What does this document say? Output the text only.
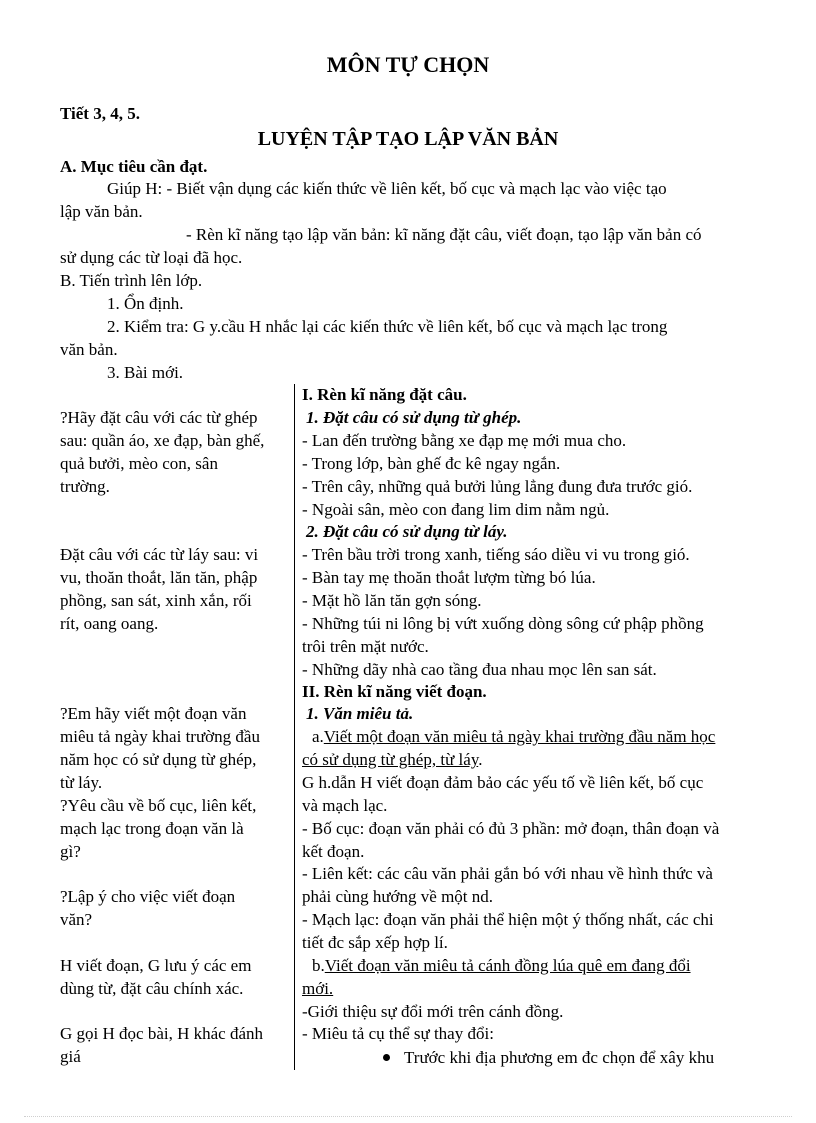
MÔN TỰ CHỌN
Tiết 3, 4, 5.
LUYỆN TẬP TẠO LẬP VĂN BẢN
A. Mục tiêu cần đạt.
Giúp H: - Biết vận dụng các kiến thức về liên kết, bố cục và mạch lạc vào việc tạo
lập văn bản.
- Rèn kĩ năng tạo lập văn bản: kĩ năng đặt câu, viết đoạn, tạo lập văn bản có
sử dụng các từ loại đã học.
B. Tiến trình lên lớp.
1. Ổn định.
2. Kiểm tra: G y.cầu H nhắc lại các kiến thức về liên kết, bố cục và mạch lạc trong
văn bản.
3. Bài mới.
?Hãy đặt câu với các từ ghép
sau: quần áo, xe đạp, bàn ghế,
quả bưởi, mèo con, sân
trường.
Đặt câu với các từ láy sau: vi
vu, thoăn thoắt, lăn tăn, phập
phồng, san sát, xinh xắn, rối
rít, oang oang.
?Em hãy viết một đoạn văn
miêu tả ngày khai trường đầu
năm học có sử dụng từ ghép,
từ láy.
?Yêu cầu về bố cục, liên kết,
mạch lạc trong đoạn văn là
gì?
?Lập ý cho việc viết đoạn
văn?
H viết đoạn, G lưu ý các em
dùng từ, đặt câu chính xác.
G gọi H đọc bài, H khác đánh
giá
I. Rèn kĩ năng đặt câu.
1. Đặt câu có sử dụng từ ghép.
- Lan đến trường bằng xe đạp mẹ mới mua cho.
- Trong lớp, bàn ghế đc kê ngay ngắn.
- Trên cây, những quả bưởi lủng lẳng đung đưa trước gió.
- Ngoài sân, mèo con đang lim dim nằm ngủ.
2. Đặt câu có sử dụng từ láy.
- Trên bầu trời trong xanh, tiếng sáo diều vi vu trong gió.
- Bàn tay mẹ thoăn thoắt lượm từng bó lúa.
- Mặt hồ lăn tăn gợn sóng.
- Những túi ni lông bị vứt xuống dòng sông cứ phập phồng
trôi trên mặt nước.
- Những dãy nhà cao tầng đua nhau mọc lên san sát.
II. Rèn kĩ năng viết đoạn.
1. Văn miêu tả.
a.Viết một đoạn văn miêu tả ngày khai trường đầu năm học
có sử dụng từ ghép, từ láy.
G h.dẫn H viết đoạn đảm bảo các yếu tố về liên kết, bố cục
và mạch lạc.
- Bố cục: đoạn văn phải có đủ 3 phần: mở đoạn, thân đoạn và
kết đoạn.
- Liên kết: các câu văn phải gắn bó với nhau về hình thức và
phải cùng hướng về một nd.
- Mạch lạc: đoạn văn phải thể hiện một ý thống nhất, các chi
tiết đc sắp xếp hợp lí.
b.Viết đoạn văn miêu tả cánh đồng lúa quê em đang đổi
mới.
-Giới thiệu sự đổi mới trên cánh đồng.
- Miêu tả cụ thể sự thay đổi:
Trước khi địa phương em đc chọn để xây khu
